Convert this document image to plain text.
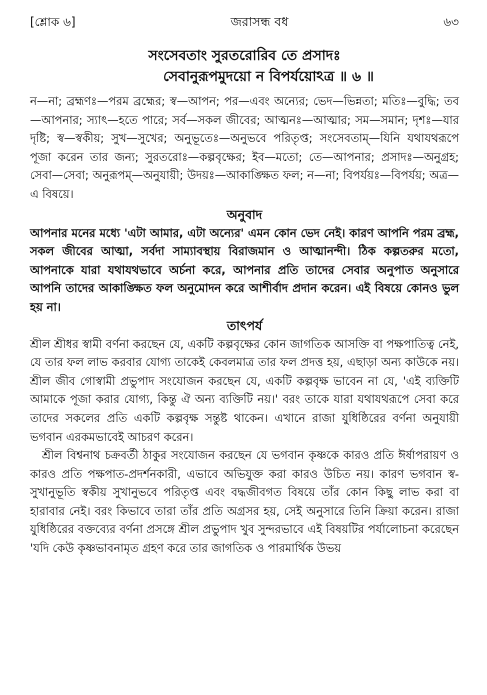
[শ্লোক ৬]	জরাসন্ধ বধ	৬৩
সংসেবতাং সুরতরোরিব তে প্রসাদঃ

সেবানুরূপমুদয়ো ন বিপর্যয়োঽত্র ॥ ৬ ॥

ন—না; ব্রহ্মণঃ—পরম ব্রহ্মের; স্ব—আপন; পর—এবং অন্যের; ভেদ—ভিন্নতা; মতিঃ—বুদ্ধি; তব—আপনার; স্যাৎ—হতে পারে; সর্ব—সকল জীবের; আত্মনঃ—আত্মার; সম—সমান; দৃশঃ—যার দৃষ্টি; স্ব—স্বকীয়; সুখ—সুখের; অনুভূতেঃ—অনুভবে পরিতৃপ্ত; সংসেবতাম্—যিনি যথাযথরূপে পূজা করেন তার জন্য; সুরতরোঃ—কল্পবৃক্ষের; ইব—মতো; তে—আপনার; প্রসাদঃ—অনুগ্রহ; সেবা—সেবা; অনুরূপম্—অনুযায়ী; উদয়ঃ—আকাঙ্ক্ষিত ফল; ন—না; বিপর্যয়ঃ—বিপর্যয়; অত্র—এ বিষয়ে।

অনুবাদ

আপনার মনের মধ্যে 'এটা আমার, এটা অন্যের' এমন কোন ভেদ নেই। কারণ আপনি পরম ব্রহ্ম, সকল জীবের আত্মা, সর্বদা সাম্যাবস্থায় বিরাজমান ও আত্মানন্দী। ঠিক কল্পতরুর মতো, আপনাকে যারা যথাযথভাবে অর্চনা করে, আপনার প্রতি তাদের সেবার অনুপাত অনুসারে আপনি তাদের আকাঙ্ক্ষিত ফল অনুমোদন করে আশীর্বাদ প্রদান করেন। এই বিষয়ে কোনও ভুল হয় না।

তাৎপর্য

শ্রীল শ্রীধর স্বামী বর্ণনা করছেন যে, একটি কল্পবৃক্ষের কোন জাগতিক আসক্তি বা পক্ষপাতিত্ব নেই, যে তার ফল লাভ করবার যোগ্য তাকেই কেবলমাত্র তার ফল প্রদত্ত হয়, এছাড়া অন্য কাউকে নয়। শ্রীল জীব গোস্বামী প্রভুপাদ সংযোজন করছেন যে, একটি কল্পবৃক্ষ ভাবেন না যে, 'এই ব্যক্তিটি আমাকে পূজা করার যোগ্য, কিন্তু ঐ অন্য ব্যক্তিটি নয়।' বরং তাকে যারা যথাযথরূপে সেবা করে তাদের সকলের প্রতি একটি কল্পবৃক্ষ সন্তুষ্ট থাকেন। এখানে রাজা যুধিষ্ঠিরের বর্ণনা অনুযায়ী ভগবান এরকমভাবেই আচরণ করেন।

শ্রীল বিশ্বনাথ চক্রবর্তী ঠাকুর সংযোজন করছেন যে ভগবান কৃষ্ণকে কারও প্রতি ঈর্ষাপরায়ণ ও কারও প্রতি পক্ষপাত-প্রদর্শনকারী, এভাবে অভিযুক্ত করা কারও উচিত নয়। কারণ ভগবান স্ব-সুখানুভূতি স্বকীয় সুখানুভবে পরিতৃপ্ত এবং বদ্ধজীবগত বিষয়ে তাঁর কোন কিছু লাভ করা বা হারাবার নেই। বরং কিভাবে তারা তাঁর প্রতি অগ্রসর হয়, সেই অনুসারে তিনি ক্রিয়া করেন। রাজা যুধিষ্ঠিরের বক্তব্যের বর্ণনা প্রসঙ্গে শ্রীল প্রভুপাদ খুব সুন্দরভাবে এই বিষয়টির পর্যালোচনা করেছেন 'যদি কেউ কৃষ্ণভাবনামৃত গ্রহণ করে তার জাগতিক ও পারমার্থিক উভয়
